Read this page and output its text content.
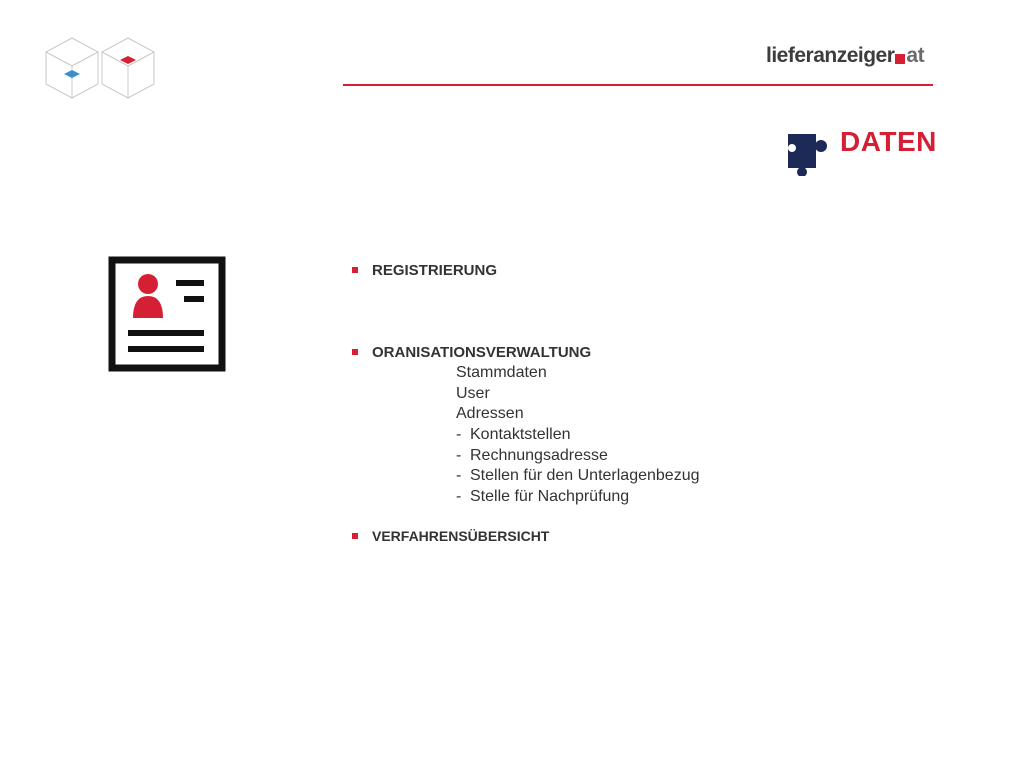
lieferanzeiger at
DATEN
REGISTRIERUNG
ORANISATIONSVERWALTUNG
Stammdaten
User
Adressen
- Kontaktstellen
- Rechnungsadresse
- Stellen für den Unterlagenbezug
- Stelle für Nachprüfung
VERFAHRENSÜBERSICHT
